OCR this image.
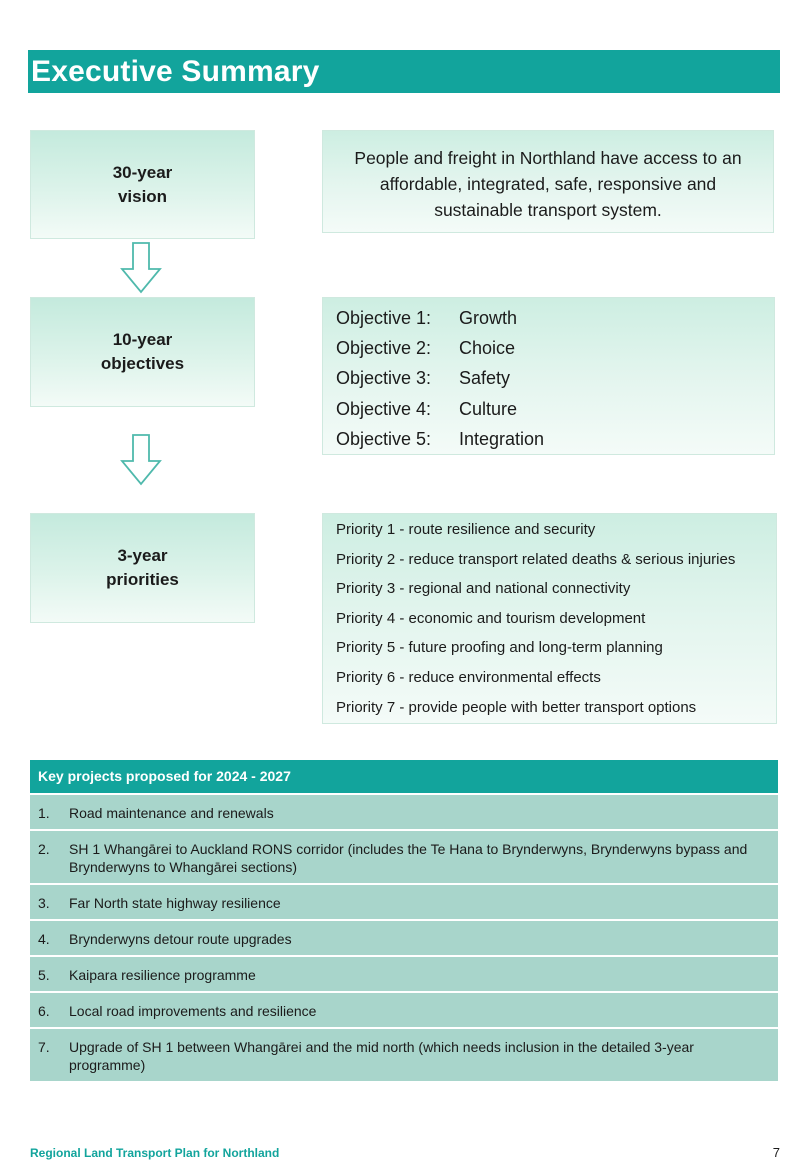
Executive Summary
30-year
vision
People and freight in Northland have access to an affordable, integrated, safe, responsive and sustainable transport system.
10-year
objectives
Objective 1:	Growth
Objective 2:	Choice
Objective 3:	Safety
Objective 4:	Culture
Objective 5:	Integration
3-year
priorities
Priority 1 - route resilience and security
Priority 2 - reduce transport related deaths & serious injuries
Priority 3 - regional and national connectivity
Priority 4 - economic and tourism development
Priority 5 - future proofing and long-term planning
Priority 6 - reduce environmental effects
Priority 7 - provide people with better transport options
Key projects proposed for 2024 - 2027
1.	Road maintenance and renewals
2.	SH 1 Whangārei to Auckland RONS corridor (includes the Te Hana to Brynderwyns, Brynderwyns bypass and Brynderwyns to Whangārei sections)
3.	Far North state highway resilience
4.	Brynderwyns detour route upgrades
5.	Kaipara resilience programme
6.	Local road improvements and resilience
7.	Upgrade of SH 1 between Whangārei and the mid north (which needs inclusion in the detailed 3-year programme)
Regional Land Transport Plan for Northland	7
